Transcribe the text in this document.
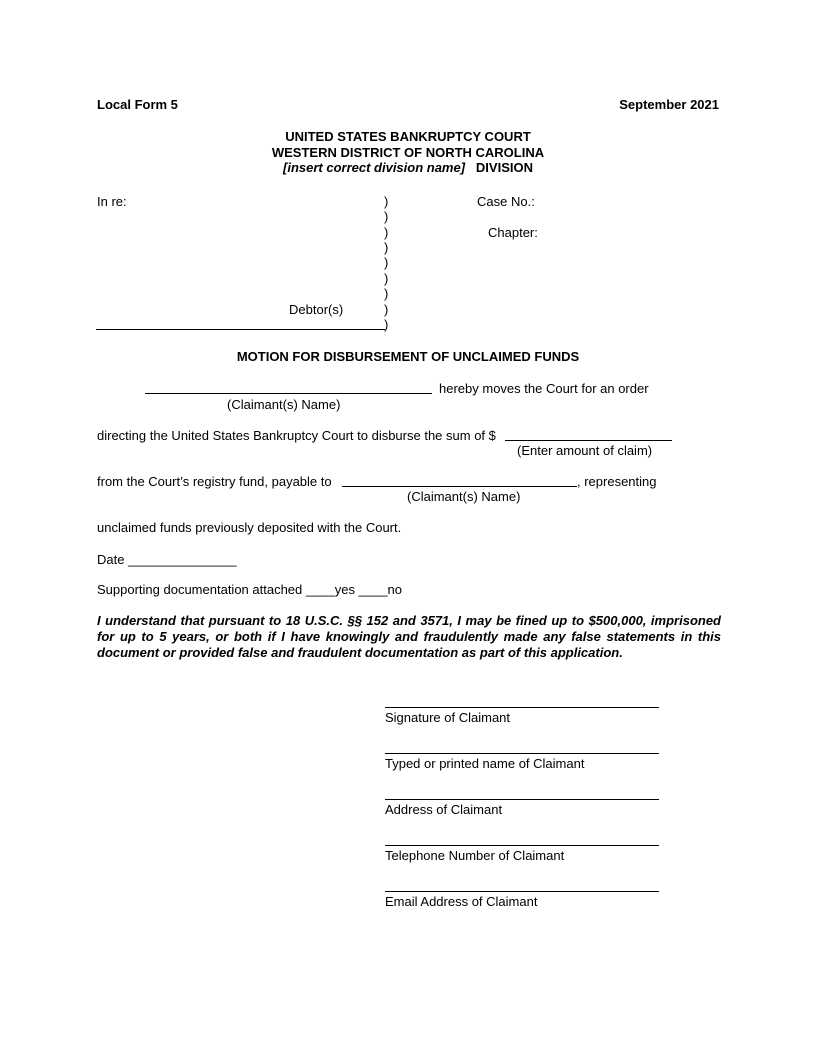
Local Form 5	September 2021
UNITED STATES BANKRUPTCY COURT
WESTERN DISTRICT OF NORTH CAROLINA
[insert correct division name] DIVISION
In re:	Case No.:
Chapter:
Debtor(s)
)
)
)
)
)
)
)
)
)
MOTION FOR DISBURSEMENT OF UNCLAIMED FUNDS
hereby moves the Court for an order
(Claimant(s) Name)
directing the United States Bankruptcy Court to disburse the sum of $
(Enter amount of claim)
from the Court’s registry fund, payable to	, representing
(Claimant(s) Name)
unclaimed funds previously deposited with the Court.
Date _______________
Supporting documentation attached ____yes ____no
I understand that pursuant to 18 U.S.C. §§ 152 and 3571, I may be fined up to $500,000, imprisoned for up to 5 years, or both if I have knowingly and fraudulently made any false statements in this document or provided false and fraudulent documentation as part of this application.
Signature of Claimant
Typed or printed name of Claimant
Address of Claimant
Telephone Number of Claimant
Email Address of Claimant
